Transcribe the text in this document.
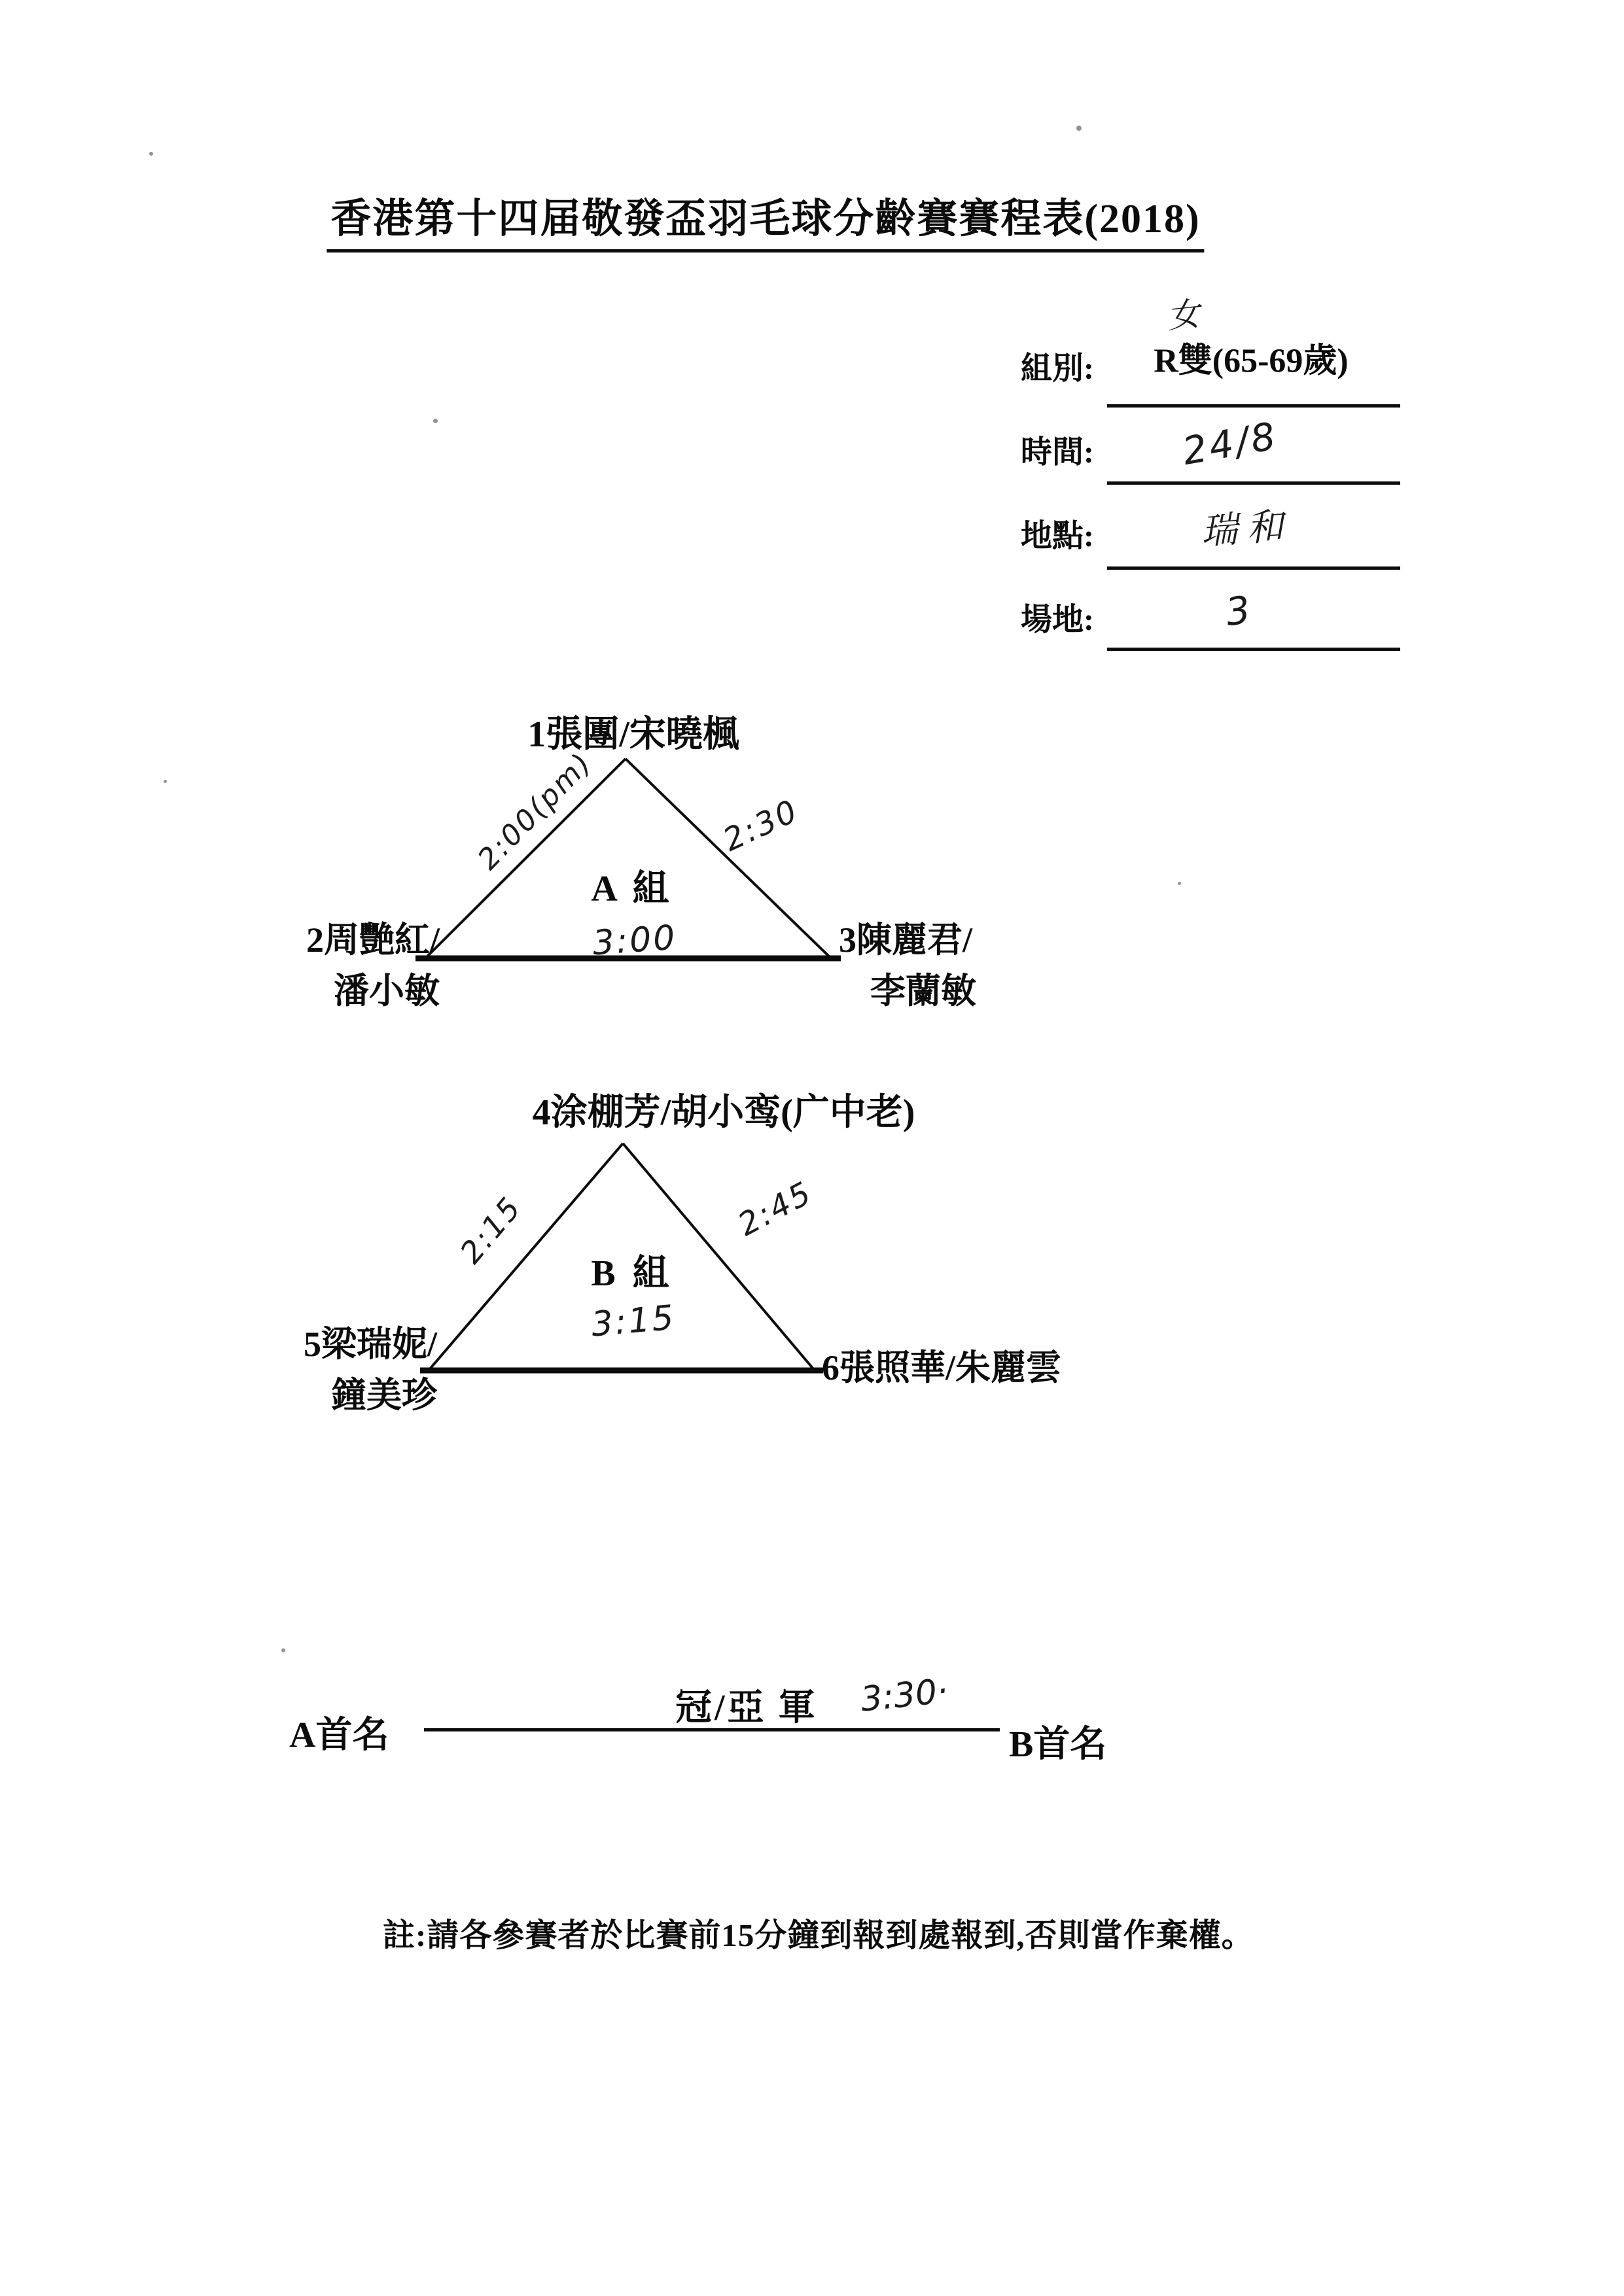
香港第十四届敬發盃羽毛球分齡賽賽程表(2018)
組別:
女
R雙(65-69歲)
時間: 24/8
地點:	瑞和
場地:	3
1張團/宋曉楓
A 組
2:00(pm)	2:30
3:00
2周艷紅/
潘小敏
3陳麗君/
李蘭敏
4涂棚芳/胡小鸾(广中老)
B 組
2:15	2:45
3:15
5梁瑞妮/
鐘美珍
6張照華/朱麗雲
A首名
冠/亞 軍 3:30·
B首名
註:請各參賽者於比賽前15分鐘到報到處報到,否則當作棄權。
